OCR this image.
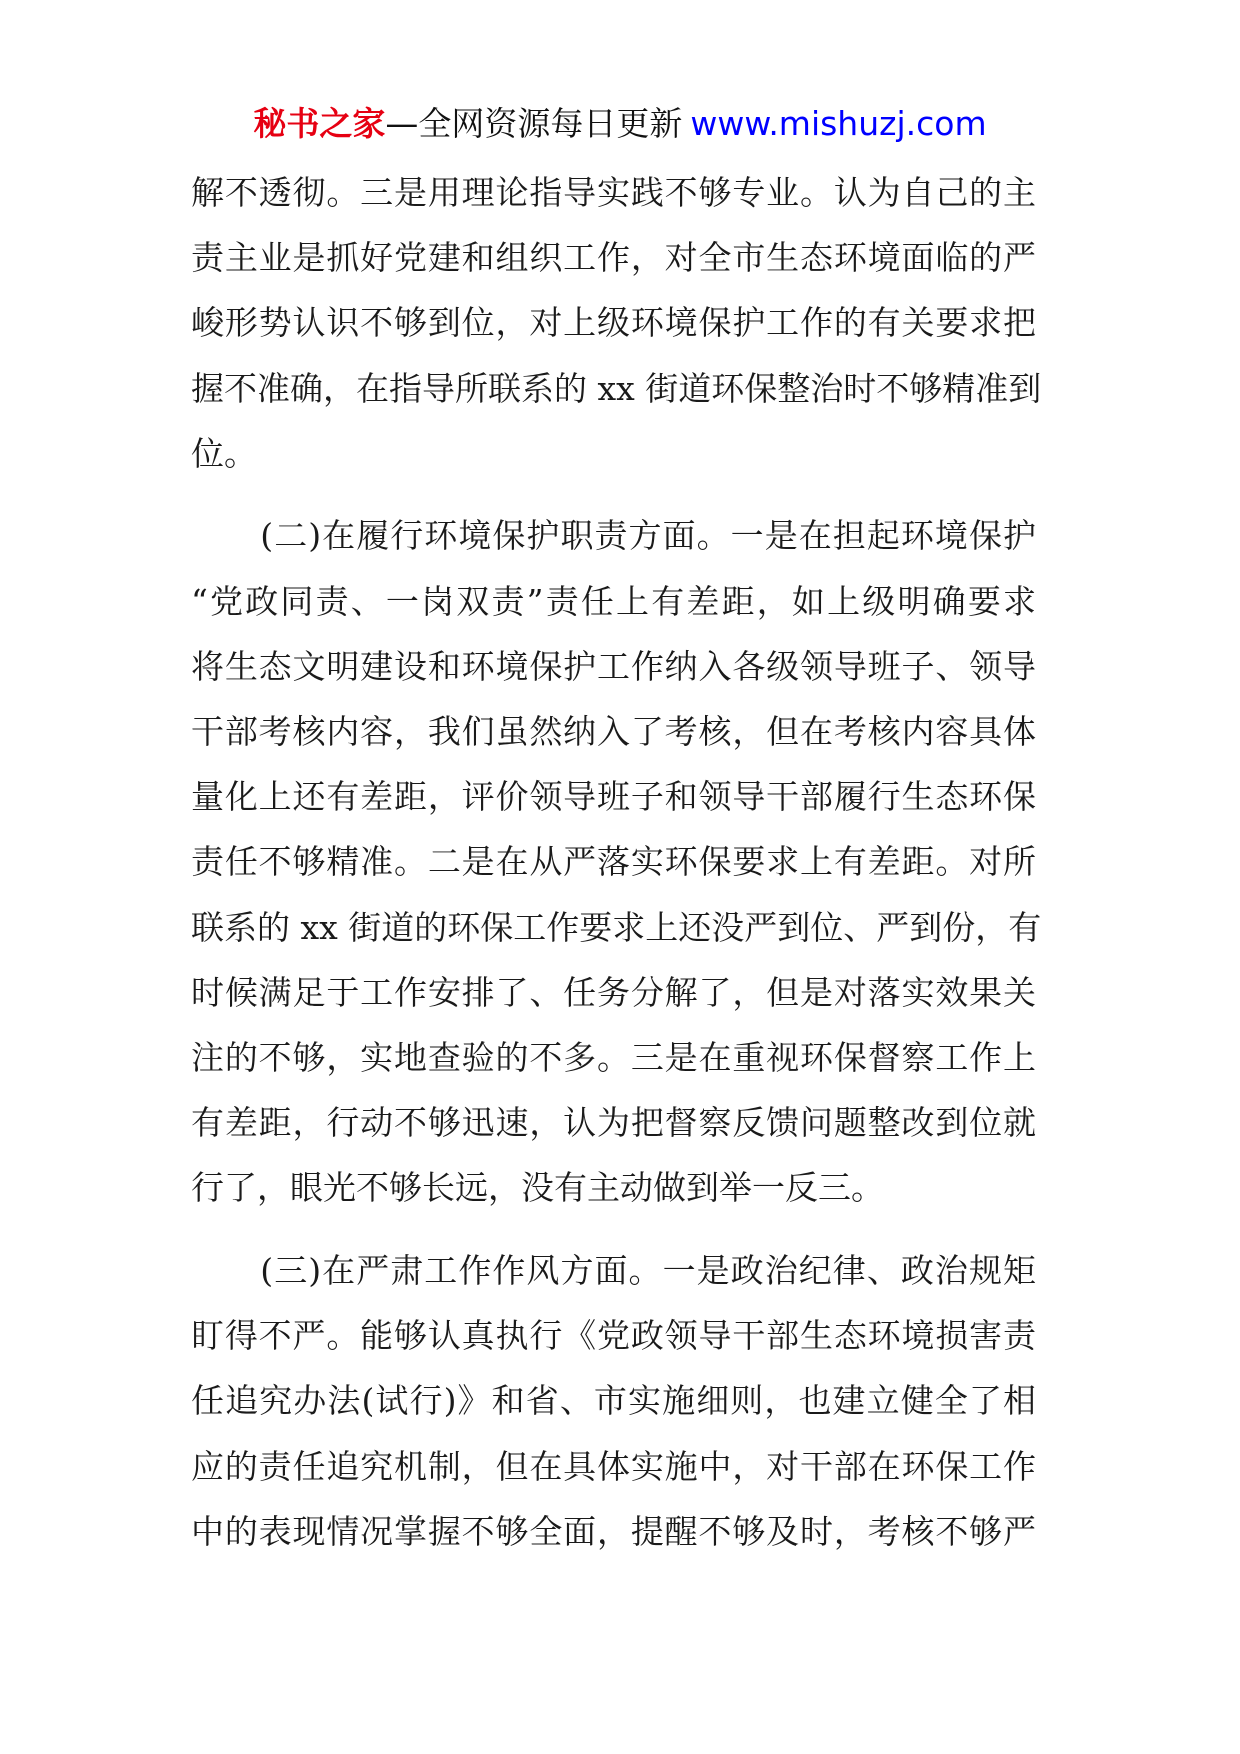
秘书之家—全网资源每日更新 www.mishuzj.com
解不透彻。三是用理论指导实践不够专业。认为自己的主
责主业是抓好党建和组织工作，对全市生态环境面临的严
峻形势认识不够到位，对上级环境保护工作的有关要求把
握不准确，在指导所联系的 xx 街道环保整治时不够精准到
位。
(二)在履行环境保护职责方面。一是在担起环境保护
“党政同责、一岗双责”责任上有差距，如上级明确要求
将生态文明建设和环境保护工作纳入各级领导班子、领导
干部考核内容，我们虽然纳入了考核，但在考核内容具体
量化上还有差距，评价领导班子和领导干部履行生态环保
责任不够精准。二是在从严落实环保要求上有差距。对所
联系的 xx 街道的环保工作要求上还没严到位、严到份，有
时候满足于工作安排了、任务分解了，但是对落实效果关
注的不够，实地查验的不多。三是在重视环保督察工作上
有差距，行动不够迅速，认为把督察反馈问题整改到位就
行了，眼光不够长远，没有主动做到举一反三。
(三)在严肃工作作风方面。一是政治纪律、政治规矩
盯得不严。能够认真执行《党政领导干部生态环境损害责
任追究办法(试行)》和省、市实施细则，也建立健全了相
应的责任追究机制，但在具体实施中，对干部在环保工作
中的表现情况掌握不够全面，提醒不够及时，考核不够严
